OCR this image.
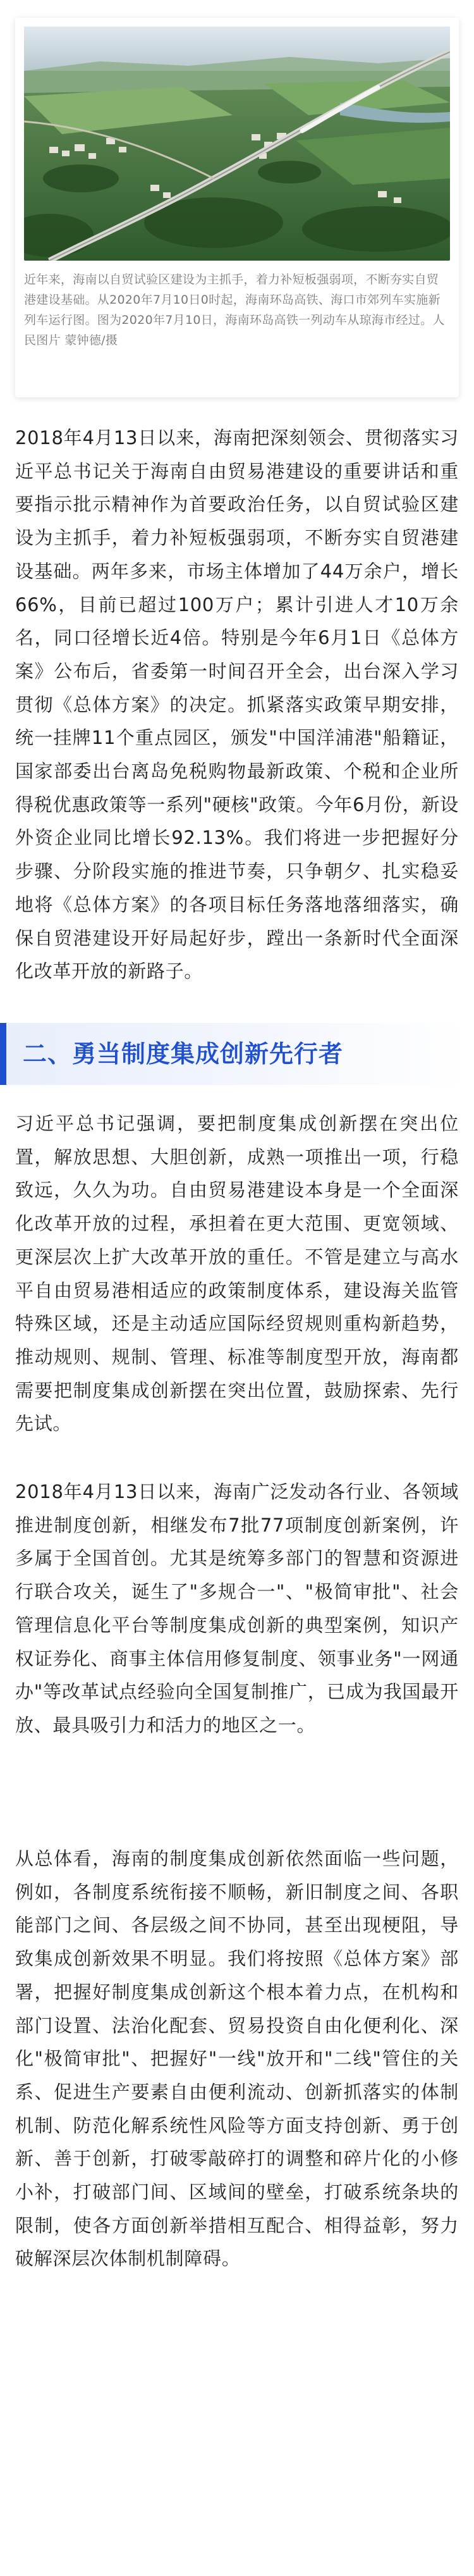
近年来，海南以自贸试验区建设为主抓手，着力补短板强弱项，不断夯实自贸港建设基础。从2020年7月10日0时起，海南环岛高铁、海口市郊列车实施新列车运行图。图为2020年7月10日，海南环岛高铁一列动车从琼海市经过。人民图片 蒙钟德/摄

2018年4月13日以来，海南把深刻领会、贯彻落实习近平总书记关于海南自由贸易港建设的重要讲话和重要指示批示精神作为首要政治任务，以自贸试验区建设为主抓手，着力补短板强弱项，不断夯实自贸港建设基础。两年多来，市场主体增加了44万余户，增长66%，目前已超过100万户；累计引进人才10万余名，同口径增长近4倍。特别是今年6月1日《总体方案》公布后，省委第一时间召开全会，出台深入学习贯彻《总体方案》的决定。抓紧落实政策早期安排，统一挂牌11个重点园区，颁发"中国洋浦港"船籍证，国家部委出台离岛免税购物最新政策、个税和企业所得税优惠政策等一系列"硬核"政策。今年6月份，新设外资企业同比增长92.13%。我们将进一步把握好分步骤、分阶段实施的推进节奏，只争朝夕、扎实稳妥地将《总体方案》的各项目标任务落地落细落实，确保自贸港建设开好局起好步，蹚出一条新时代全面深化改革开放的新路子。

二、勇当制度集成创新先行者

习近平总书记强调，要把制度集成创新摆在突出位置，解放思想、大胆创新，成熟一项推出一项，行稳致远，久久为功。自由贸易港建设本身是一个全面深化改革开放的过程，承担着在更大范围、更宽领域、更深层次上扩大改革开放的重任。不管是建立与高水平自由贸易港相适应的政策制度体系，建设海关监管特殊区域，还是主动适应国际经贸规则重构新趋势，推动规则、规制、管理、标准等制度型开放，海南都需要把制度集成创新摆在突出位置，鼓励探索、先行先试。

2018年4月13日以来，海南广泛发动各行业、各领域推进制度创新，相继发布7批77项制度创新案例，许多属于全国首创。尤其是统筹多部门的智慧和资源进行联合攻关，诞生了"多规合一"、"极简审批"、社会管理信息化平台等制度集成创新的典型案例，知识产权证券化、商事主体信用修复制度、领事业务"一网通办"等改革试点经验向全国复制推广，已成为我国最开放、最具吸引力和活力的地区之一。

从总体看，海南的制度集成创新依然面临一些问题，例如，各制度系统衔接不顺畅，新旧制度之间、各职能部门之间、各层级之间不协同，甚至出现梗阻，导致集成创新效果不明显。我们将按照《总体方案》部署，把握好制度集成创新这个根本着力点，在机构和部门设置、法治化配套、贸易投资自由化便利化、深化"极简审批"、把握好"一线"放开和"二线"管住的关系、促进生产要素自由便利流动、创新抓落实的体制机制、防范化解系统性风险等方面支持创新、勇于创新、善于创新，打破零敲碎打的调整和碎片化的小修小补，打破部门间、区域间的壁垒，打破系统条块的限制，使各方面创新举措相互配合、相得益彰，努力破解深层次体制机制障碍。
